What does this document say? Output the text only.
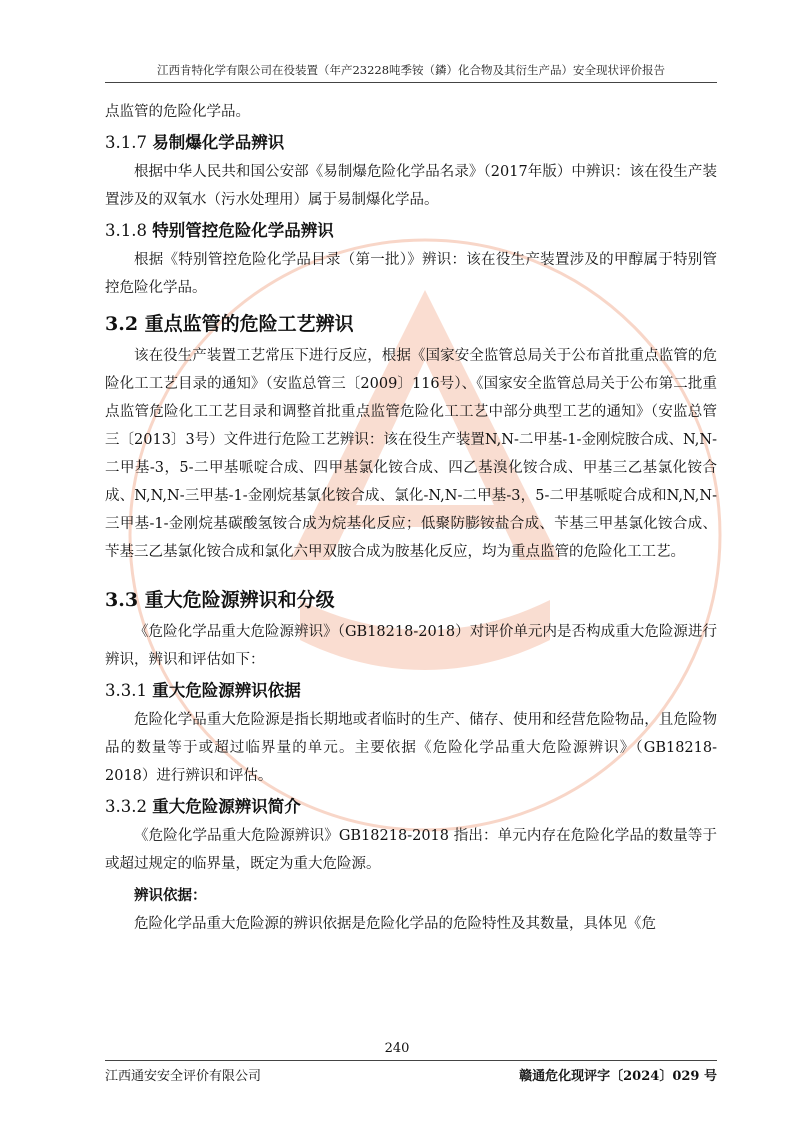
江西肯特化学有限公司在役装置（年产23228吨季铵（鏻）化合物及其衍生产品）安全现状评价报告

点监管的危险化学品。

3.1.7 易制爆化学品辨识

根据中华人民共和国公安部《易制爆危险化学品名录》（2017年版）中辨识：该在役生产装置涉及的双氧水（污水处理用）属于易制爆化学品。

3.1.8 特别管控危险化学品辨识

根据《特别管控危险化学品目录（第一批）》辨识：该在役生产装置涉及的甲醇属于特别管控危险化学品。

3.2 重点监管的危险工艺辨识

该在役生产装置工艺常压下进行反应，根据《国家安全监管总局关于公布首批重点监管的危险化工工艺目录的通知》（安监总管三〔2009〕116号）、《国家安全监管总局关于公布第二批重点监管危险化工工艺目录和调整首批重点监管危险化工工艺中部分典型工艺的通知》（安监总管三〔2013〕3号）文件进行危险工艺辨识：该在役生产装置N,N-二甲基-1-金刚烷胺合成、N,N-二甲基-3，5-二甲基哌啶合成、四甲基氯化铵合成、四乙基溴化铵合成、甲基三乙基氯化铵合成、N,N,N-三甲基-1-金刚烷基氯化铵合成、氯化-N,N-二甲基-3，5-二甲基哌啶合成和N,N,N-三甲基-1-金刚烷基碳酸氢铵合成为烷基化反应；低聚防膨铵盐合成、苄基三甲基氯化铵合成、苄基三乙基氯化铵合成和氯化六甲双胺合成为胺基化反应，均为重点监管的危险化工工艺。

3.3 重大危险源辨识和分级

《危险化学品重大危险源辨识》（GB18218-2018）对评价单元内是否构成重大危险源进行辨识，辨识和评估如下：

3.3.1 重大危险源辨识依据

危险化学品重大危险源是指长期地或者临时的生产、储存、使用和经营危险物品，且危险物品的数量等于或超过临界量的单元。主要依据《危险化学品重大危险源辨识》（GB18218-2018）进行辨识和评估。

3.3.2 重大危险源辨识简介

《危险化学品重大危险源辨识》GB18218-2018 指出：单元内存在危险化学品的数量等于或超过规定的临界量，既定为重大危险源。

辨识依据：

危险化学品重大危险源的辨识依据是危险化学品的危险特性及其数量，具体见《危

240
江西通安安全评价有限公司	赣通危化现评字〔2024〕029 号
